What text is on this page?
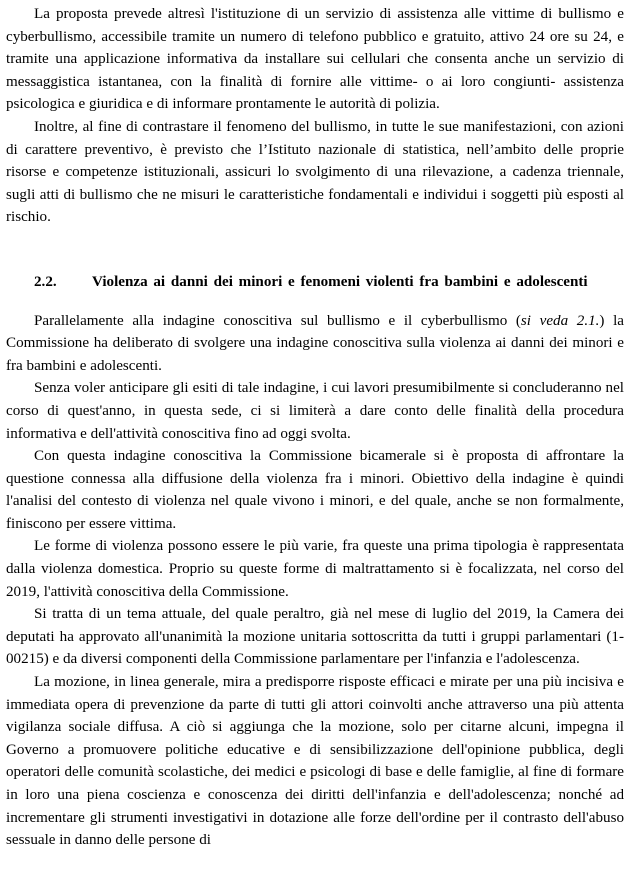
La proposta prevede altresì l'istituzione di un servizio di assistenza alle vittime di bullismo e cyberbullismo, accessibile tramite un numero di telefono pubblico e gratuito, attivo 24 ore su 24, e tramite una applicazione informativa da installare sui cellulari che consenta anche un servizio di messaggistica istantanea, con la finalità di fornire alle vittime- o ai loro congiunti- assistenza psicologica e giuridica e di informare prontamente le autorità di polizia.

Inoltre, al fine di contrastare il fenomeno del bullismo, in tutte le sue manifestazioni, con azioni di carattere preventivo, è previsto che l’Istituto nazionale di statistica, nell’ambito delle proprie risorse e competenze istituzionali, assicuri lo svolgimento di una rilevazione, a cadenza triennale, sugli atti di bullismo che ne misuri le caratteristiche fondamentali e individui i soggetti più esposti al rischio.

2.2. Violenza ai danni dei minori e fenomeni violenti fra bambini e adolescenti

Parallelamente alla indagine conoscitiva sul bullismo e il cyberbullismo (si veda 2.1.) la Commissione ha deliberato di svolgere una indagine conoscitiva sulla violenza ai danni dei minori e fra bambini e adolescenti.

Senza voler anticipare gli esiti di tale indagine, i cui lavori presumibilmente si concluderanno nel corso di quest'anno, in questa sede, ci si limiterà a dare conto delle finalità della procedura informativa e dell'attività conoscitiva fino ad oggi svolta.

Con questa indagine conoscitiva la Commissione bicamerale si è proposta di affrontare la questione connessa alla diffusione della violenza fra i minori. Obiettivo della indagine è quindi l'analisi del contesto di violenza nel quale vivono i minori, e del quale, anche se non formalmente, finiscono per essere vittima.

Le forme di violenza possono essere le più varie, fra queste una prima tipologia è rappresentata dalla violenza domestica. Proprio su queste forme di maltrattamento si è focalizzata, nel corso del 2019, l'attività conoscitiva della Commissione.

Si tratta di un tema attuale, del quale peraltro, già nel mese di luglio del 2019, la Camera dei deputati ha approvato all'unanimità la mozione unitaria sottoscritta da tutti i gruppi parlamentari (1-00215) e da diversi componenti della Commissione parlamentare per l'infanzia e l'adolescenza.

La mozione, in linea generale, mira a predisporre risposte efficaci e mirate per una più incisiva e immediata opera di prevenzione da parte di tutti gli attori coinvolti anche attraverso una più attenta vigilanza sociale diffusa. A ciò si aggiunga che la mozione, solo per citarne alcuni, impegna il Governo a promuovere politiche educative e di sensibilizzazione dell'opinione pubblica, degli operatori delle comunità scolastiche, dei medici e psicologi di base e delle famiglie, al fine di formare in loro una piena coscienza e conoscenza dei diritti dell'infanzia e dell'adolescenza; nonché ad incrementare gli strumenti investigativi in dotazione alle forze dell'ordine per il contrasto dell'abuso sessuale in danno delle persone di
